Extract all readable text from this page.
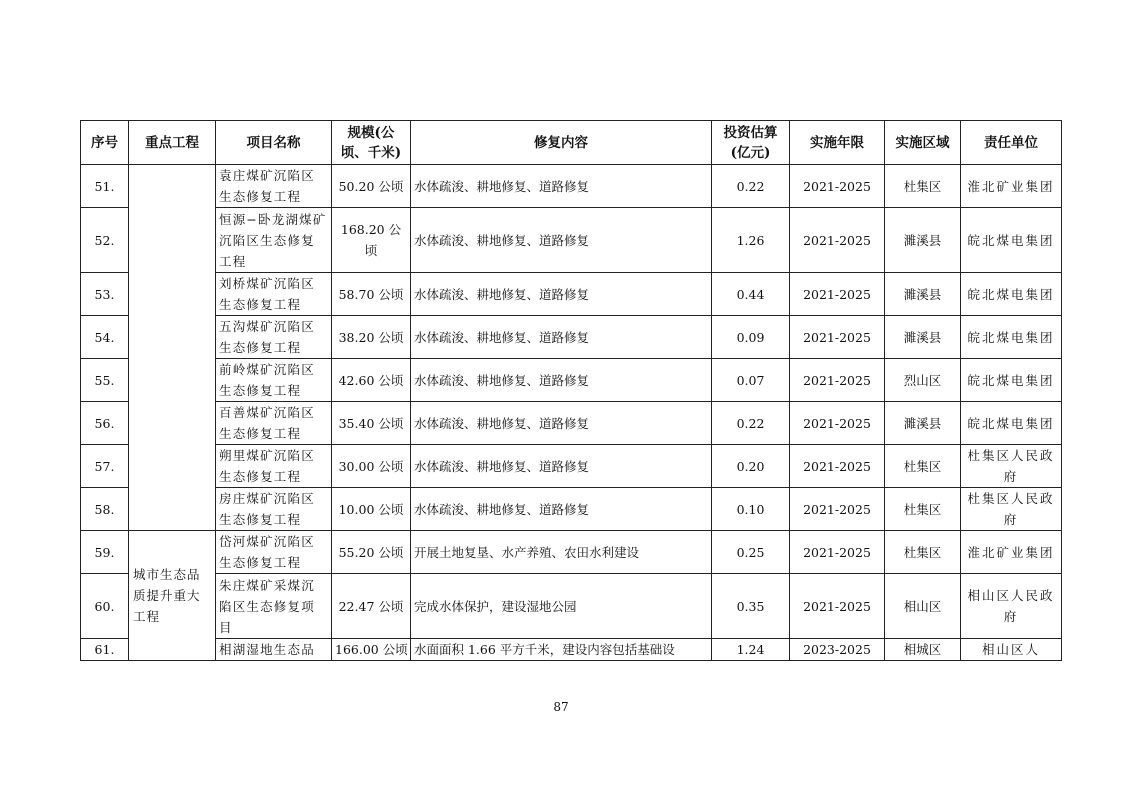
序号	重点工程	项目名称	规模(公顷、千米)	修复内容	投资估算(亿元)	实施年限	实施区域	责任单位
51.		袁庄煤矿沉陷区生态修复工程	50.20 公顷	水体疏浚、耕地修复、道路修复	0.22	2021-2025	杜集区	淮北矿业集团
52.		恒源−卧龙湖煤矿沉陷区生态修复工程	168.20 公顷	水体疏浚、耕地修复、道路修复	1.26	2021-2025	濉溪县	皖北煤电集团
53.		刘桥煤矿沉陷区生态修复工程	58.70 公顷	水体疏浚、耕地修复、道路修复	0.44	2021-2025	濉溪县	皖北煤电集团
54.		五沟煤矿沉陷区生态修复工程	38.20 公顷	水体疏浚、耕地修复、道路修复	0.09	2021-2025	濉溪县	皖北煤电集团
55.		前岭煤矿沉陷区生态修复工程	42.60 公顷	水体疏浚、耕地修复、道路修复	0.07	2021-2025	烈山区	皖北煤电集团
56.		百善煤矿沉陷区生态修复工程	35.40 公顷	水体疏浚、耕地修复、道路修复	0.22	2021-2025	濉溪县	皖北煤电集团
57.		朔里煤矿沉陷区生态修复工程	30.00 公顷	水体疏浚、耕地修复、道路修复	0.20	2021-2025	杜集区	杜集区人民政府
58.		房庄煤矿沉陷区生态修复工程	10.00 公顷	水体疏浚、耕地修复、道路修复	0.10	2021-2025	杜集区	杜集区人民政府
59.	城市生态品质提升重大工程	岱河煤矿沉陷区生态修复工程	55.20 公顷	开展土地复垦、水产养殖、农田水利建设	0.25	2021-2025	杜集区	淮北矿业集团
60.		朱庄煤矿采煤沉陷区生态修复项目	22.47 公顷	完成水体保护，建设湿地公园	0.35	2021-2025	相山区	相山区人民政府
61.		相湖湿地生态品	166.00 公顷	水面面积 1.66 平方千米，建设内容包括基础设	1.24	2023-2025	相城区	相山区人
87
